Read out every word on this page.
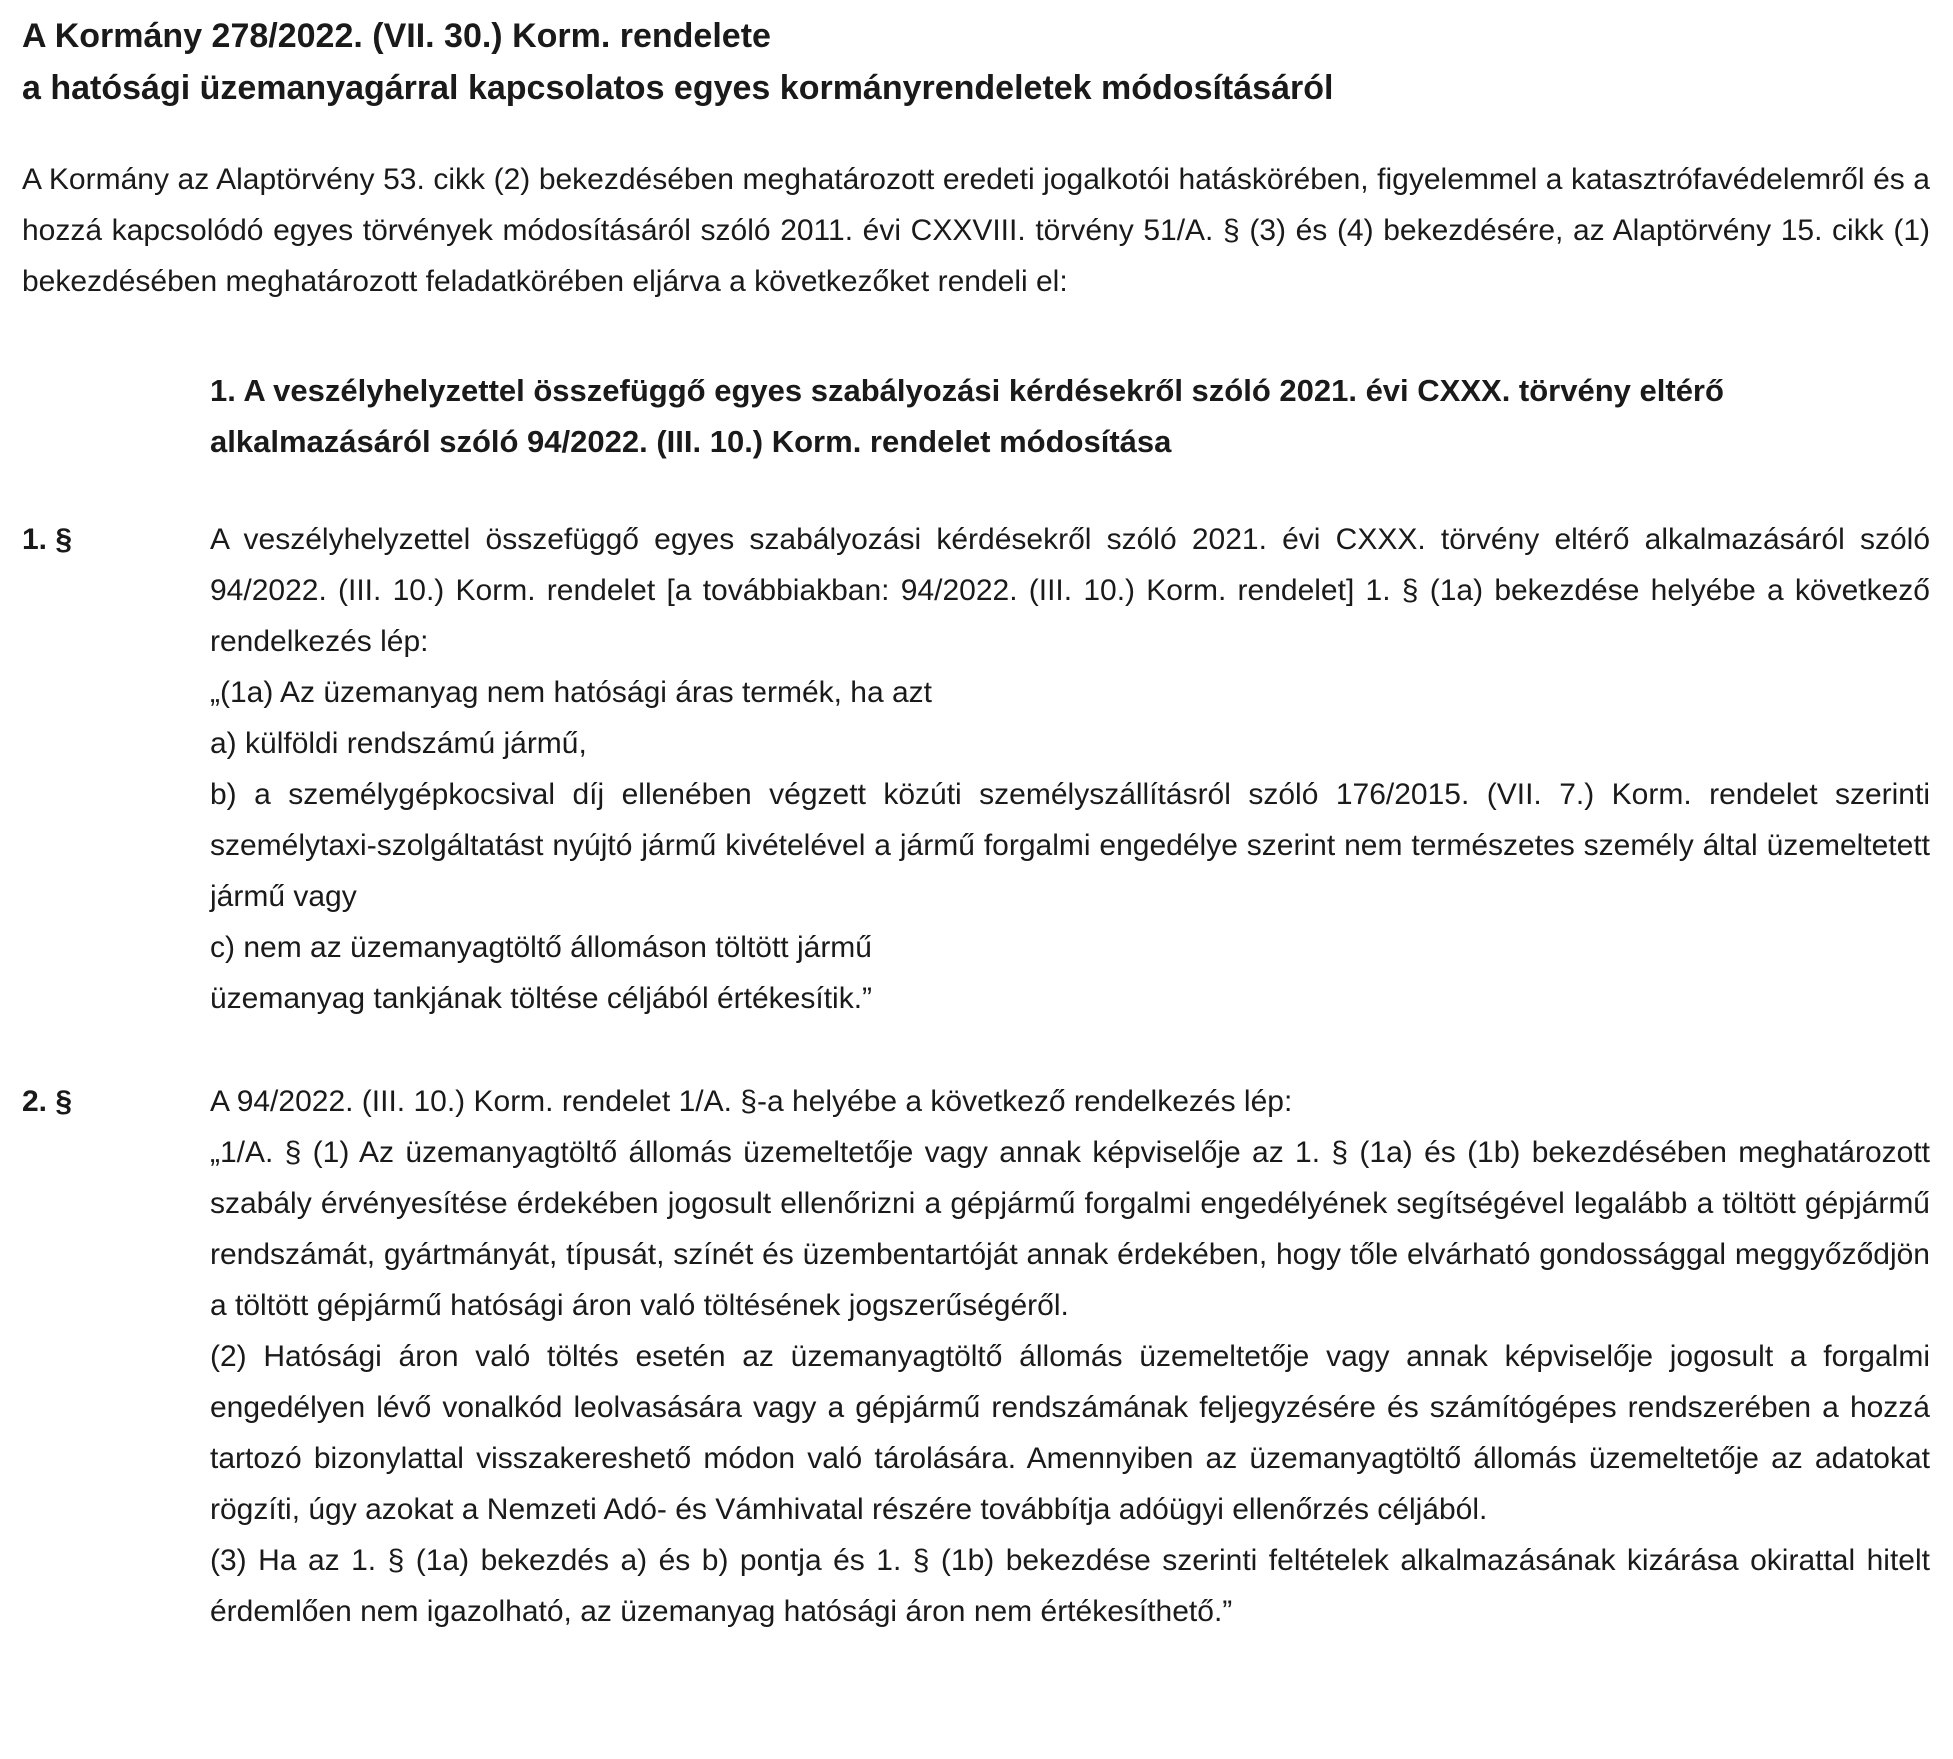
A Kormány 278/2022. (VII. 30.) Korm. rendelete

a hatósági üzemanyagárral kapcsolatos egyes kormányrendeletek módosításáról

A Kormány az Alaptörvény 53. cikk (2) bekezdésében meghatározott eredeti jogalkotói hatáskörében, figyelemmel a katasztrófavédelemről és a hozzá kapcsolódó egyes törvények módosításáról szóló 2011. évi CXXVIII. törvény 51/A. § (3) és (4) bekezdésére, az Alaptörvény 15. cikk (1) bekezdésében meghatározott feladatkörében eljárva a következőket rendeli el:

1. A veszélyhelyzettel összefüggő egyes szabályozási kérdésekről szóló 2021. évi CXXX. törvény eltérő alkalmazásáról szóló 94/2022. (III. 10.) Korm. rendelet módosítása
1. §	A veszélyhelyzettel összefüggő egyes szabályozási kérdésekről szóló 2021. évi CXXX. törvény eltérő alkalmazásáról szóló 94/2022. (III. 10.) Korm. rendelet [a továbbiakban: 94/2022. (III. 10.) Korm. rendelet] 1. § (1a) bekezdése helyébe a következő rendelkezés lép:

„(1a) Az üzemanyag nem hatósági áras termék, ha azt

a) külföldi rendszámú jármű,

b) a személygépkocsival díj ellenében végzett közúti személyszállításról szóló 176/2015. (VII. 7.) Korm. rendelet szerinti személytaxi-szolgáltatást nyújtó jármű kivételével a jármű forgalmi engedélye szerint nem természetes személy által üzemeltetett jármű vagy

c) nem az üzemanyagtöltő állomáson töltött jármű

üzemanyag tankjának töltése céljából értékesítik.”

2. §	A 94/2022. (III. 10.) Korm. rendelet 1/A. §-a helyébe a következő rendelkezés lép:

„1/A. § (1) Az üzemanyagtöltő állomás üzemeltetője vagy annak képviselője az 1. § (1a) és (1b) bekezdésében meghatározott szabály érvényesítése érdekében jogosult ellenőrizni a gépjármű forgalmi engedélyének segítségével legalább a töltött gépjármű rendszámát, gyártmányát, típusát, színét és üzembentartóját annak érdekében, hogy tőle elvárható gondossággal meggyőződjön a töltött gépjármű hatósági áron való töltésének jogszerűségéről.

(2) Hatósági áron való töltés esetén az üzemanyagtöltő állomás üzemeltetője vagy annak képviselője jogosult a forgalmi engedélyen lévő vonalkód leolvasására vagy a gépjármű rendszámának feljegyzésére és számítógépes rendszerében a hozzá tartozó bizonylattal visszakereshető módon való tárolására. Amennyiben az üzemanyagtöltő állomás üzemeltetője az adatokat rögzíti, úgy azokat a Nemzeti Adó- és Vámhivatal részére továbbítja adóügyi ellenőrzés céljából.

(3) Ha az 1. § (1a) bekezdés a) és b) pontja és 1. § (1b) bekezdése szerinti feltételek alkalmazásának kizárása okirattal hitelt érdemlően nem igazolható, az üzemanyag hatósági áron nem értékesíthető.”
